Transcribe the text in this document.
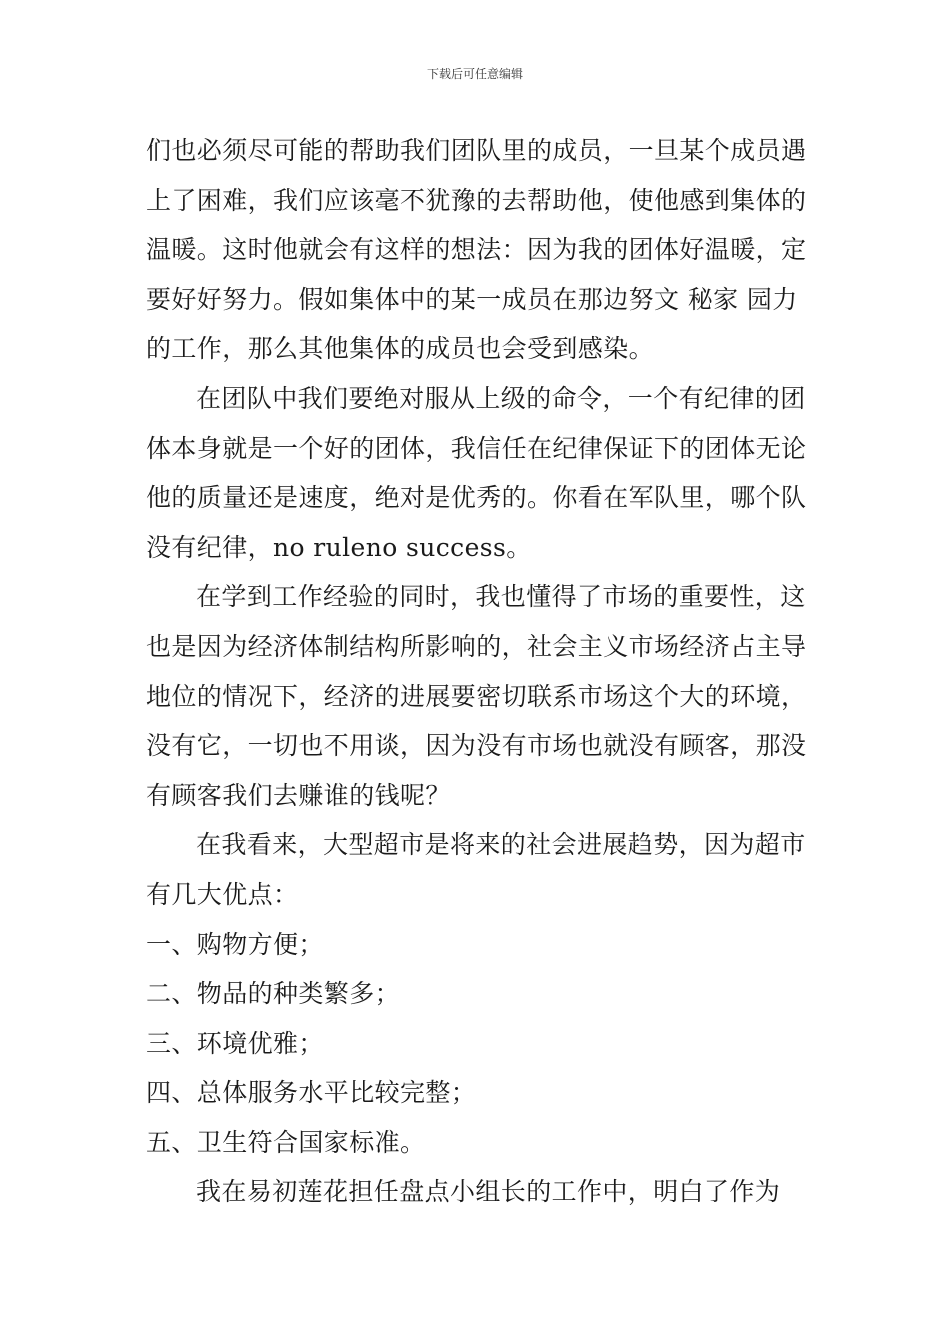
下载后可任意编辑

们也必须尽可能的帮助我们团队里的成员，一旦某个成员遇上了困难，我们应该毫不犹豫的去帮助他，使他感到集体的温暖。这时他就会有这样的想法：因为我的团体好温暖，定要好好努力。假如集体中的某一成员在那边努文 秘家 园力的工作，那么其他集体的成员也会受到感染。

在团队中我们要绝对服从上级的命令，一个有纪律的团体本身就是一个好的团体，我信任在纪律保证下的团体无论他的质量还是速度，绝对是优秀的。你看在军队里，哪个队没有纪律，no ruleno success。

在学到工作经验的同时，我也懂得了市场的重要性，这也是因为经济体制结构所影响的，社会主义市场经济占主导地位的情况下，经济的进展要密切联系市场这个大的环境，没有它，一切也不用谈，因为没有市场也就没有顾客，那没有顾客我们去赚谁的钱呢？

在我看来，大型超市是将来的社会进展趋势，因为超市有几大优点：

一、购物方便；

二、物品的种类繁多；

三、环境优雅；

四、总体服务水平比较完整；

五、卫生符合国家标准。

我在易初莲花担任盘点小组长的工作中，明白了作为
